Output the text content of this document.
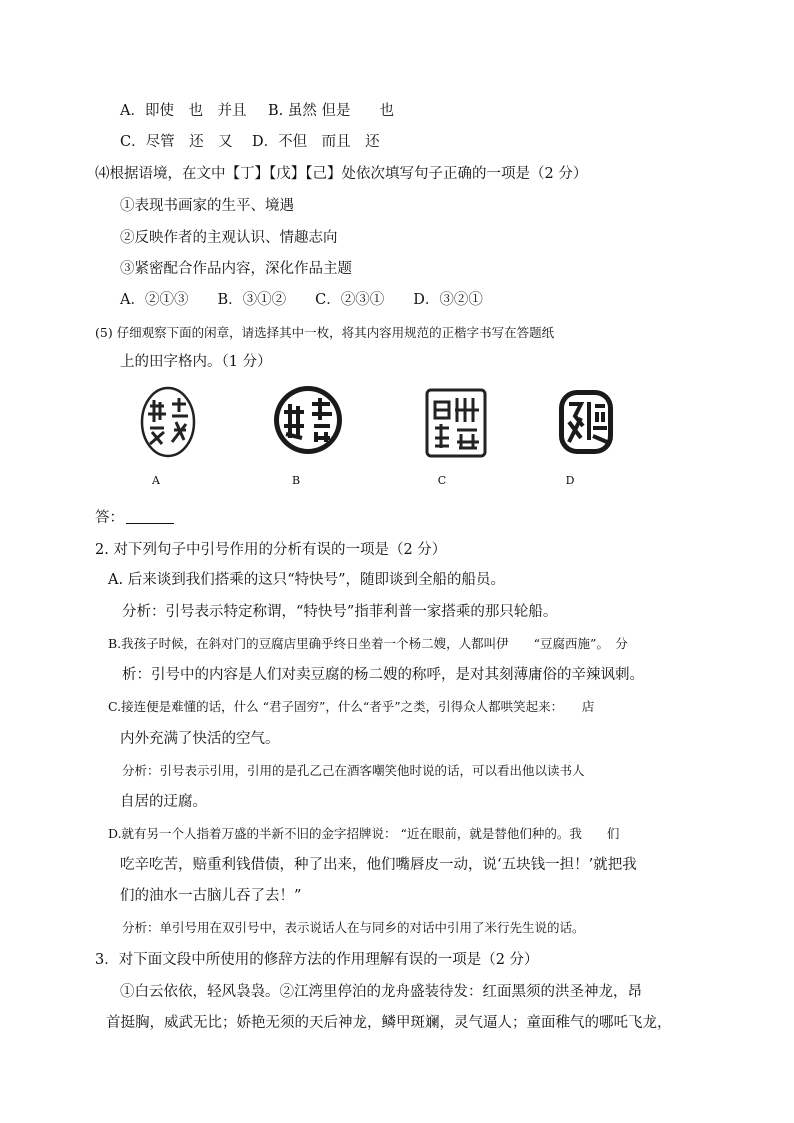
A．即使　也　并且 B. 虽然 但是　　也
C．尽管　还　又 D．不但　而且　还
⑷根据语境，在文中【丁】【戊】【己】处依次填写句子正确的一项是（2 分）
①表现书画家的生平、境遇
②反映作者的主观认识、情趣志向
③紧密配合作品内容，深化作品主题
A．②①③　　B．③①②　　C．②③①　　D．③②①
(5) 仔细观察下面的闲章，请选择其中一枚，将其内容用规范的正楷字书写在答题纸
上的田字格内。（1 分）
A	B	C	D
答：
2. 对下列句子中引号作用的分析有误的一项是（2 分）
A. 后来谈到我们搭乘的这只“特快号”，随即谈到全船的船员。
分析：引号表示特定称谓，“特快号”指菲利普一家搭乘的那只轮船。
B.我孩子时候，在斜对门的豆腐店里确乎终日坐着一个杨二嫂，人都叫伊　　“豆腐西施”。　分
析：引号中的内容是人们对卖豆腐的杨二嫂的称呼，是对其刻薄庸俗的辛辣讽刺。
C.接连便是难懂的话，什么 “君子固穷”，什么“者乎”之类，引得众人都哄笑起来：　　店
内外充满了快活的空气。
分析：引号表示引用，引用的是孔乙己在酒客嘲笑他时说的话，可以看出他以读书人
自居的迂腐。
D.就有另一个人指着万盛的半新不旧的金字招牌说： “近在眼前，就是替他们种的。我　　们
吃辛吃苦，赔重利钱借债，种了出来，他们嘴唇皮一动，说‘五块钱一担！’就把我
们的油水一古脑儿吞了去！”
分析：单引号用在双引号中，表示说话人在与同乡的对话中引用了米行先生说的话。
3．对下面文段中所使用的修辞方法的作用理解有误的一项是（2 分）
①白云依依，轻风袅袅。②江湾里停泊的龙舟盛装待发：红面黑须的洪圣神龙，昂
首挺胸，威武无比；娇艳无须的天后神龙，鳞甲斑斓，灵气逼人；童面稚气的哪吒飞龙，
